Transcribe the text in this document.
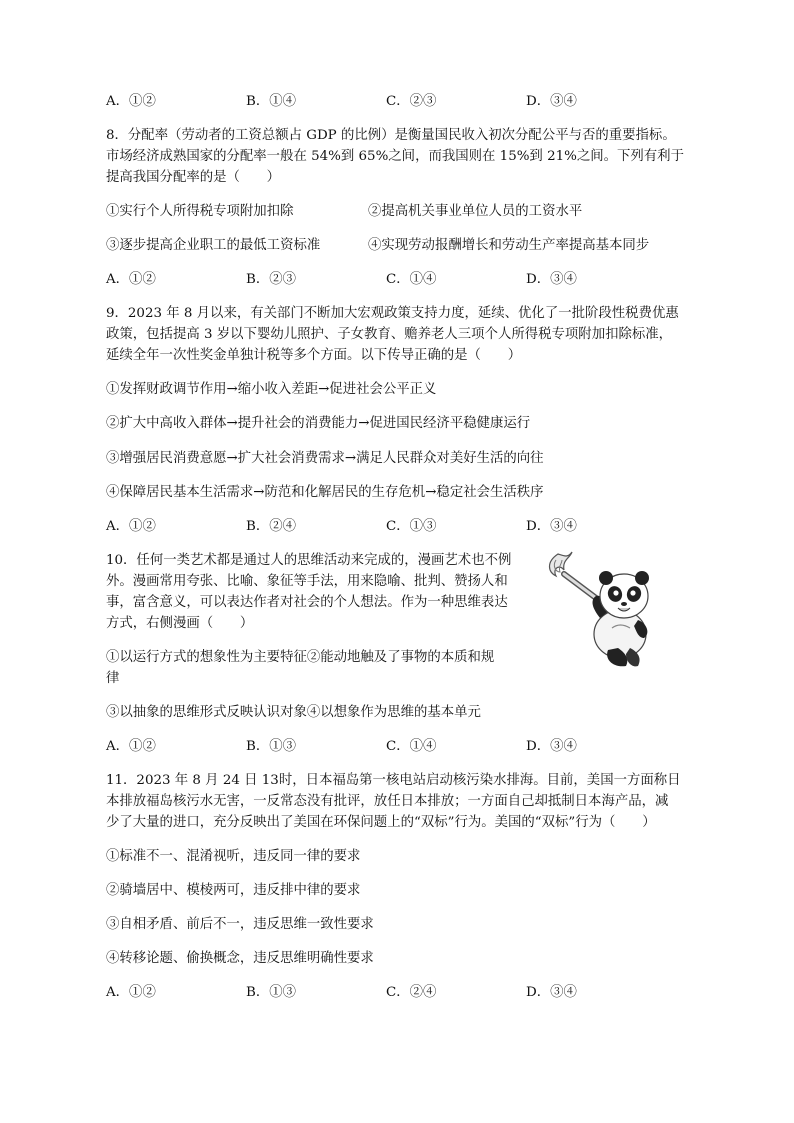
A．①②	B．①④	C．②③	D．③④
8．分配率（劳动者的工资总额占 GDP 的比例）是衡量国民收入初次分配公平与否的重要指标。
市场经济成熟国家的分配率一般在 54%到 65%之间，而我国则在 15%到 21%之间。下列有利于
提高我国分配率的是（　　）
①实行个人所得税专项附加扣除	②提高机关事业单位人员的工资水平
③逐步提高企业职工的最低工资标准	④实现劳动报酬增长和劳动生产率提高基本同步
A．①②	B．②③	C．①④	D．③④
9．2023 年 8 月以来，有关部门不断加大宏观政策支持力度，延续、优化了一批阶段性税费优惠
政策，包括提高 3 岁以下婴幼儿照护、子女教育、赡养老人三项个人所得税专项附加扣除标准，
延续全年一次性奖金单独计税等多个方面。以下传导正确的是（　　）
①发挥财政调节作用→缩小收入差距→促进社会公平正义
②扩大中高收入群体→提升社会的消费能力→促进国民经济平稳健康运行
③增强居民消费意愿→扩大社会消费需求→满足人民群众对美好生活的向往
④保障居民基本生活需求→防范和化解居民的生存危机→稳定社会生活秩序
A．①②	B．②④	C．①③	D．③④
10．任何一类艺术都是通过人的思维活动来完成的，漫画艺术也不例
外。漫画常用夸张、比喻、象征等手法，用来隐喻、批判、赞扬人和
事，富含意义，可以表达作者对社会的个人想法。作为一种思维表达
方式，右侧漫画（　　）
①以运行方式的想象性为主要特征②能动地触及了事物的本质和规
律
③以抽象的思维形式反映认识对象④以想象作为思维的基本单元
A．①②	B．①③	C．①④	D．③④
11．2023 年 8 月 24 日 13时，日本福岛第一核电站启动核污染水排海。目前，美国一方面称日
本排放福岛核污水无害，一反常态没有批评，放任日本排放；一方面自己却抵制日本海产品，减
少了大量的进口，充分反映出了美国在环保问题上的“双标”行为。美国的“双标”行为（　　）
①标准不一、混淆视听，违反同一律的要求
②骑墙居中、模棱两可，违反排中律的要求
③自相矛盾、前后不一，违反思维一致性要求
④转移论题、偷换概念，违反思维明确性要求
A．①②	B．①③	C．②④	D．③④
